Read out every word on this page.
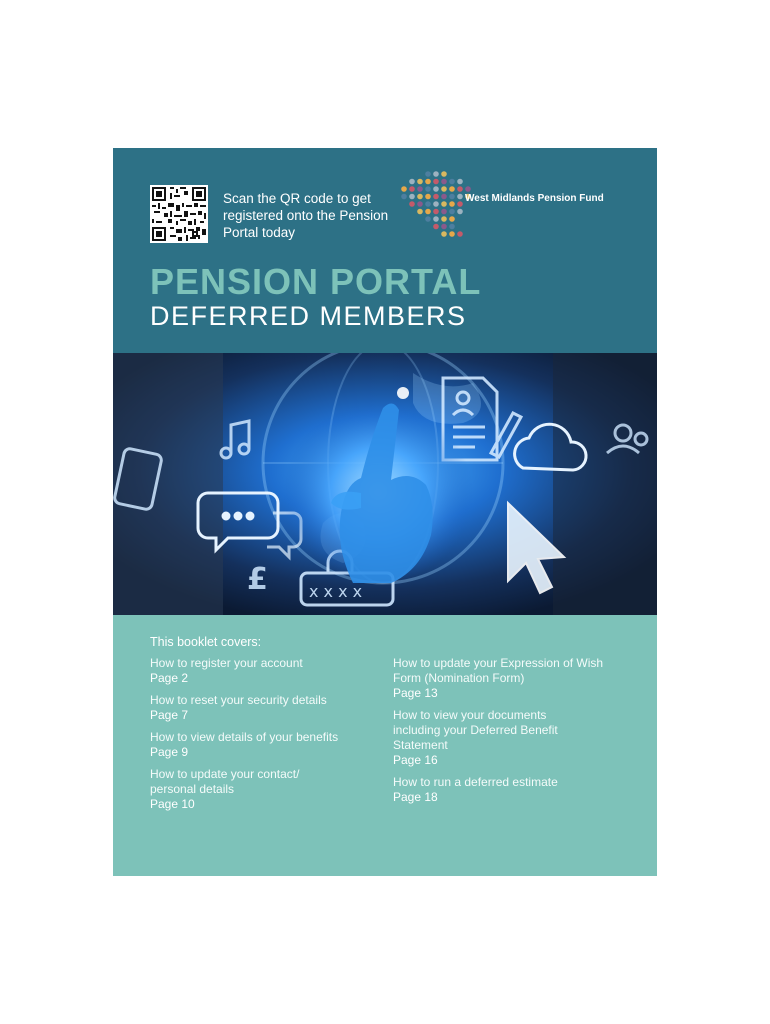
Scan the QR code to get registered onto the Pension Portal today
West Midlands Pension Fund
PENSION PORTAL
DEFERRED MEMBERS
£	x x x x
This booklet covers:
How to register your account
Page 2
How to reset your security details
Page 7
How to view details of your benefits
Page 9
How to update your contact/ personal details
Page 10
How to update your Expression of Wish Form (Nomination Form)
Page 13
How to view your documents including your Deferred Benefit Statement
Page 16
How to run a deferred estimate
Page 18
